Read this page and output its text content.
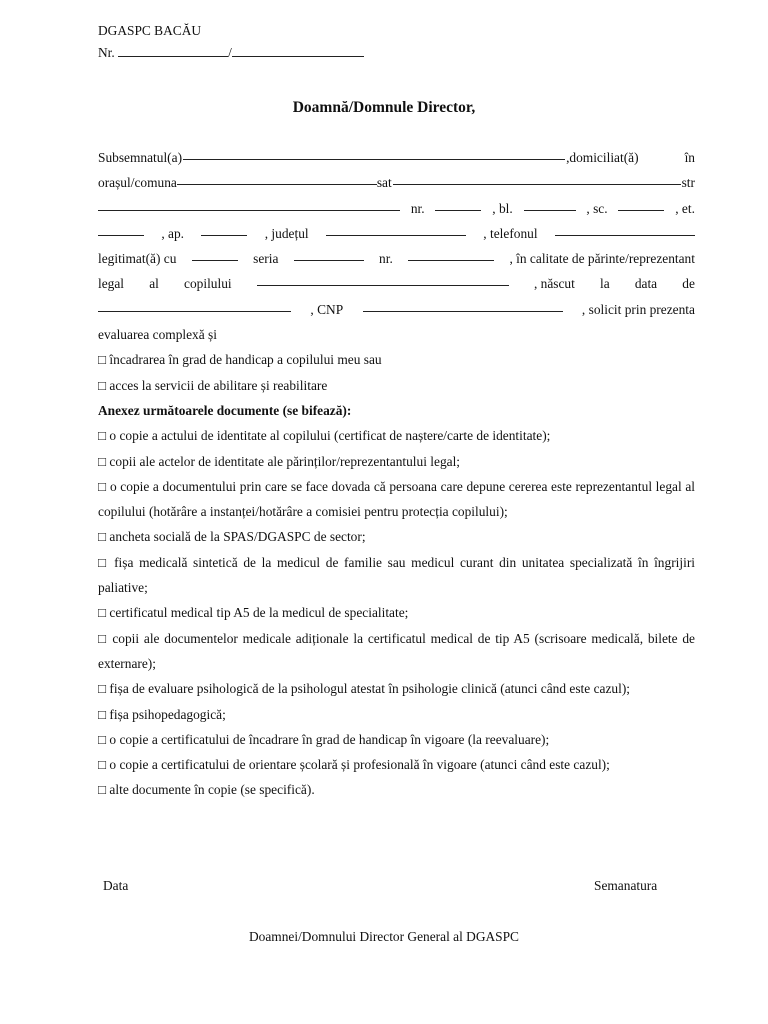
DGASPC BACĂU
Nr.	/
Doamnă/Domnule Director,
Subsemnatul(a)	,domiciliat(ă)	în
orașul/comuna	sat	str
nr.	, bl.	, sc.	, et.
, ap.	, județul	, telefonul
legitimat(ă) cu	seria	nr.	, în calitate de părinte/reprezentant
legal al copilului	, născut la data de
, CNP	, solicit prin prezenta
evaluarea complexă și
□ încadrarea în grad de handicap a copilului meu sau
□ acces la servicii de abilitare și reabilitare
Anexez următoarele documente (se bifează):
□ o copie a actului de identitate al copilului (certificat de naștere/carte de identitate);
□ copii ale actelor de identitate ale părinților/reprezentantului legal;
□ o copie a documentului prin care se face dovada că persoana care depune cererea este reprezentantul legal al copilului (hotărâre a instanței/hotărâre a comisiei pentru protecția copilului);
□ ancheta socială de la SPAS/DGASPC de sector;
□ fișa medicală sintetică de la medicul de familie sau medicul curant din unitatea specializată în îngrijiri paliative;
□ certificatul medical tip A5 de la medicul de specialitate;
□ copii ale documentelor medicale adiționale la certificatul medical de tip A5 (scrisoare medicală, bilete de externare);
□ fișa de evaluare psihologică de la psihologul atestat în psihologie clinică (atunci când este cazul);
□ fișa psihopedagogică;
□ o copie a certificatului de încadrare în grad de handicap în vigoare (la reevaluare);
□ o copie a certificatului de orientare școlară și profesională în vigoare (atunci când este cazul);
□ alte documente în copie (se specifică).
Data	Semanatura
Doamnei/Domnului Director General al DGASPC
